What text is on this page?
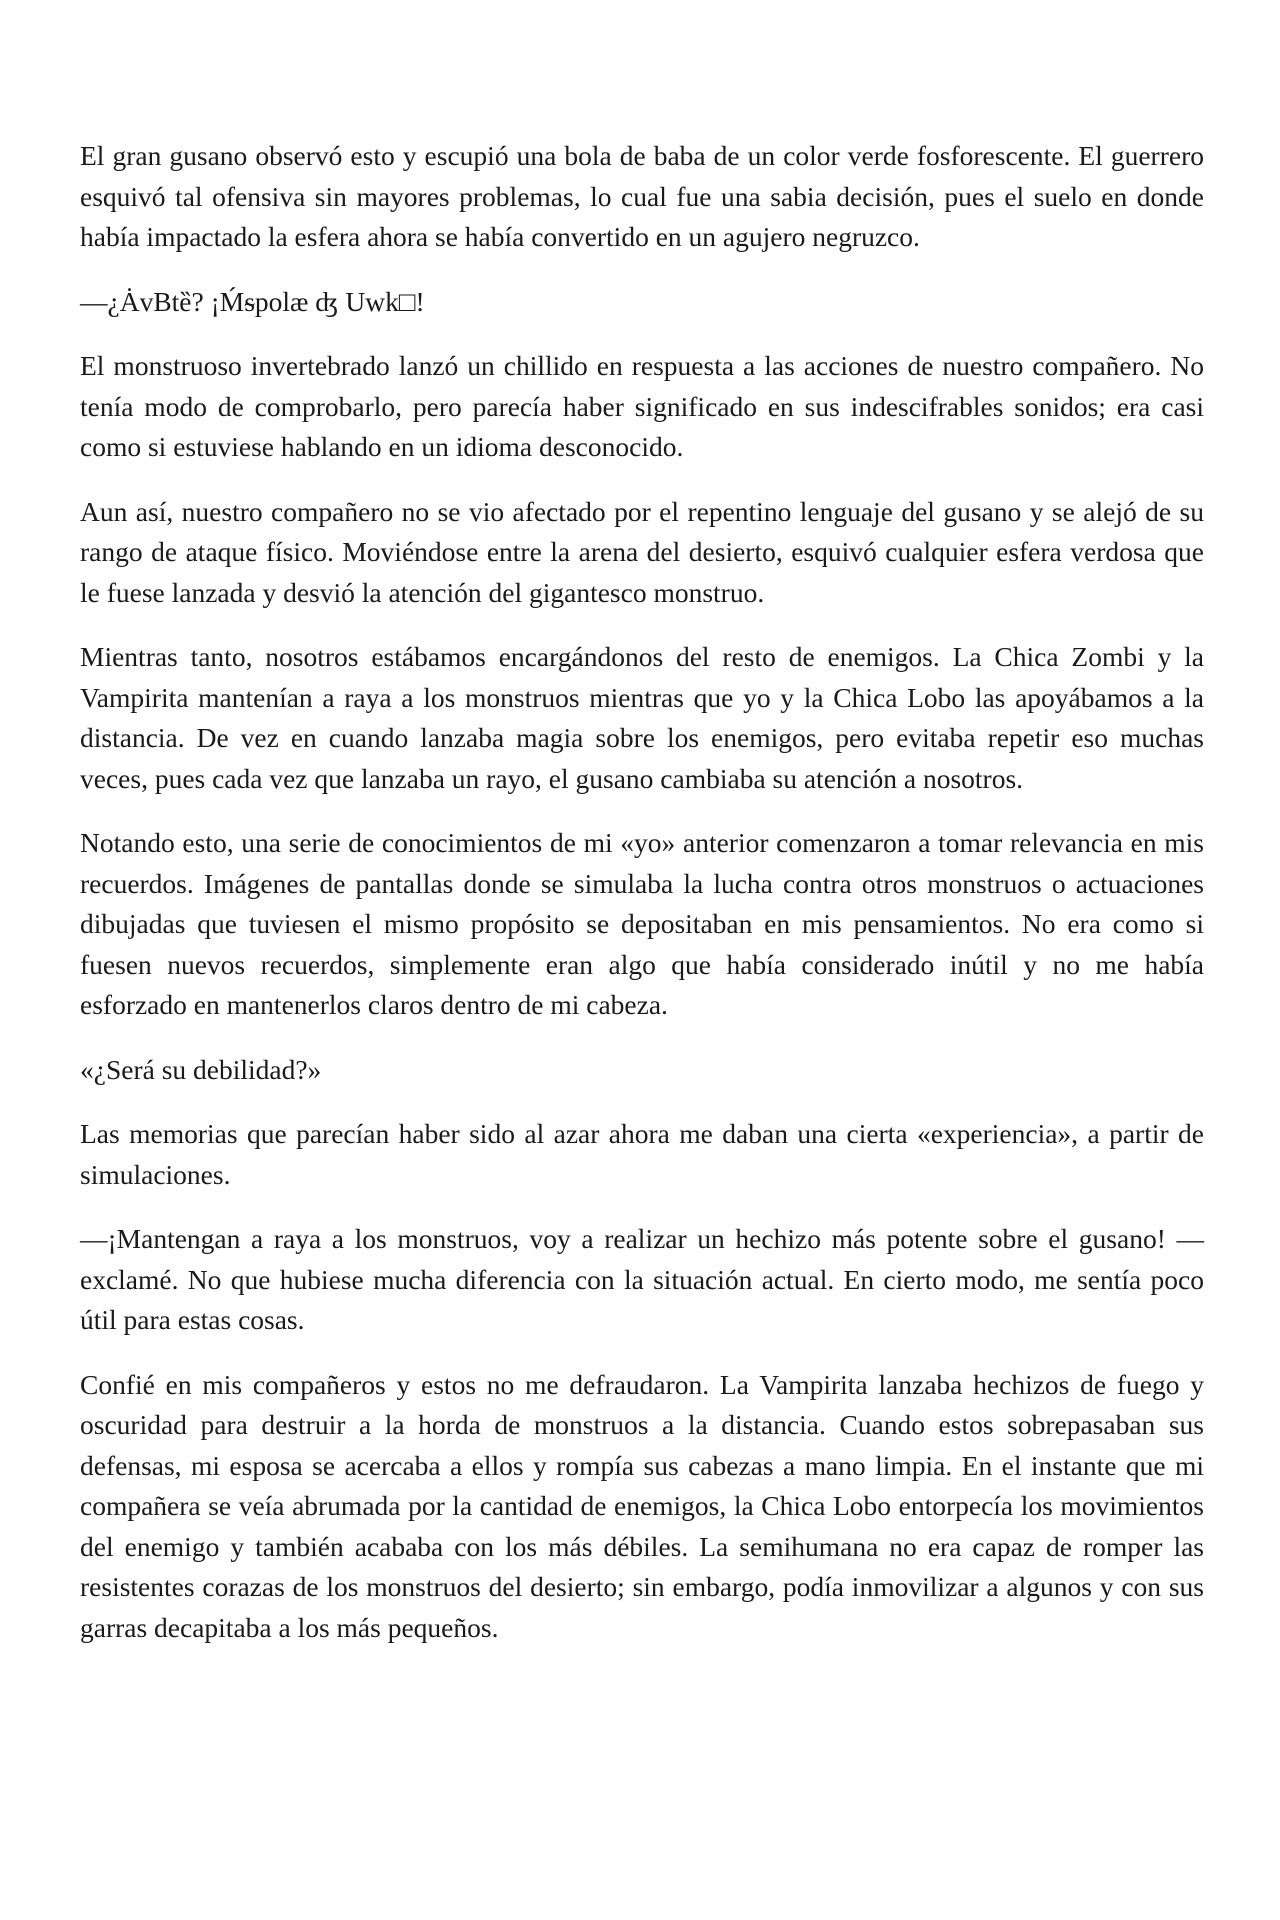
El gran gusano observó esto y escupió una bola de baba de un color verde fosforescente. El guerrero esquivó tal ofensiva sin mayores problemas, lo cual fue una sabia decisión, pues el suelo en donde había impactado la esfera ahora se había convertido en un agujero negruzco.

—¿ȦvBtȅ? ¡Ḿᵴpolæ ʤ Uwk□!

El monstruoso invertebrado lanzó un chillido en respuesta a las acciones de nuestro compañero. No tenía modo de comprobarlo, pero parecía haber significado en sus indescifrables sonidos; era casi como si estuviese hablando en un idioma desconocido.

Aun así, nuestro compañero no se vio afectado por el repentino lenguaje del gusano y se alejó de su rango de ataque físico. Moviéndose entre la arena del desierto, esquivó cualquier esfera verdosa que le fuese lanzada y desvió la atención del gigantesco monstruo.

Mientras tanto, nosotros estábamos encargándonos del resto de enemigos. La Chica Zombi y la Vampirita mantenían a raya a los monstruos mientras que yo y la Chica Lobo las apoyábamos a la distancia. De vez en cuando lanzaba magia sobre los enemigos, pero evitaba repetir eso muchas veces, pues cada vez que lanzaba un rayo, el gusano cambiaba su atención a nosotros.

Notando esto, una serie de conocimientos de mi «yo» anterior comenzaron a tomar relevancia en mis recuerdos. Imágenes de pantallas donde se simulaba la lucha contra otros monstruos o actuaciones dibujadas que tuviesen el mismo propósito se depositaban en mis pensamientos. No era como si fuesen nuevos recuerdos, simplemente eran algo que había considerado inútil y no me había esforzado en mantenerlos claros dentro de mi cabeza.

«¿Será su debilidad?»

Las memorias que parecían haber sido al azar ahora me daban una cierta «experiencia», a partir de simulaciones.

—¡Mantengan a raya a los monstruos, voy a realizar un hechizo más potente sobre el gusano! —exclamé. No que hubiese mucha diferencia con la situación actual. En cierto modo, me sentía poco útil para estas cosas.

Confié en mis compañeros y estos no me defraudaron. La Vampirita lanzaba hechizos de fuego y oscuridad para destruir a la horda de monstruos a la distancia. Cuando estos sobrepasaban sus defensas, mi esposa se acercaba a ellos y rompía sus cabezas a mano limpia. En el instante que mi compañera se veía abrumada por la cantidad de enemigos, la Chica Lobo entorpecía los movimientos del enemigo y también acababa con los más débiles. La semihumana no era capaz de romper las resistentes corazas de los monstruos del desierto; sin embargo, podía inmovilizar a algunos y con sus garras decapitaba a los más pequeños.
